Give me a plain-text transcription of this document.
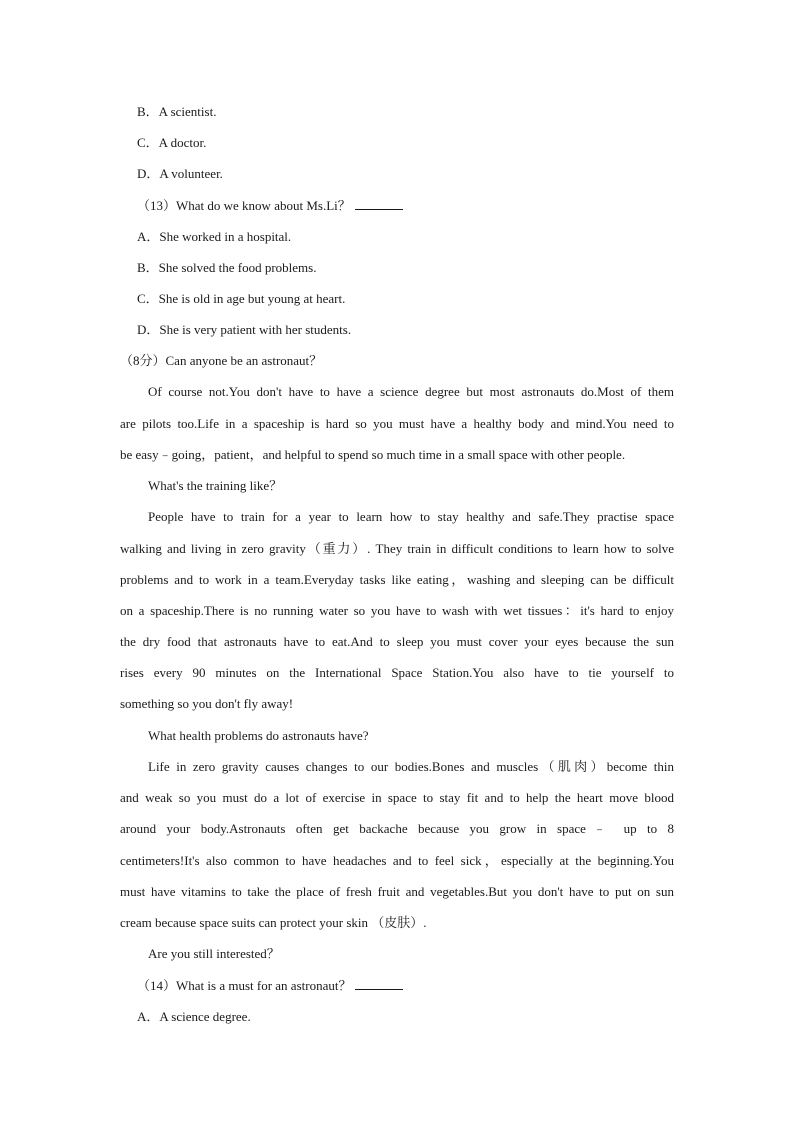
B．A scientist.
C．A doctor.
D．A volunteer.
（13）What do we know about Ms.Li？
A．She worked in a hospital.
B．She solved the food problems.
C．She is old in age but young at heart.
D．She is very patient with her students.
（8分）Can anyone be an astronaut？
Of course not.You don't have to have a science degree but most astronauts do.Most of them
are pilots too.Life in a spaceship is hard so you must have a healthy body and mind.You need to
be easy﹣going，patient，and helpful to spend so much time in a small space with other people.
What's the training like？
People have to train for a year to learn how to stay healthy and safe.They practise space
walking and living in zero gravity（重力）. They train in difficult conditions to learn how to solve
problems and to work in a team.Everyday tasks like eating，washing and sleeping can be difficult
on a spaceship.There is no running water so you have to wash with wet tissues：it's hard to enjoy
the dry food that astronauts have to eat.And to sleep you must cover your eyes because the sun
rises every 90 minutes on the International Space Station.You also have to tie yourself to
something so you don't fly away!
What health problems do astronauts have?
Life in zero gravity causes changes to our bodies.Bones and muscles（肌肉）become thin
and weak so you must do a lot of exercise in space to stay fit and to help the heart move blood
around your body.Astronauts often get backache because you grow in space﹣ up to 8
centimeters!It's also common to have headaches and to feel sick，especially at the beginning.You
must have vitamins to take the place of fresh fruit and vegetables.But you don't have to put on sun
cream because space suits can protect your skin （皮肤）.
Are you still interested？
（14）What is a must for an astronaut？
A．A science degree.
